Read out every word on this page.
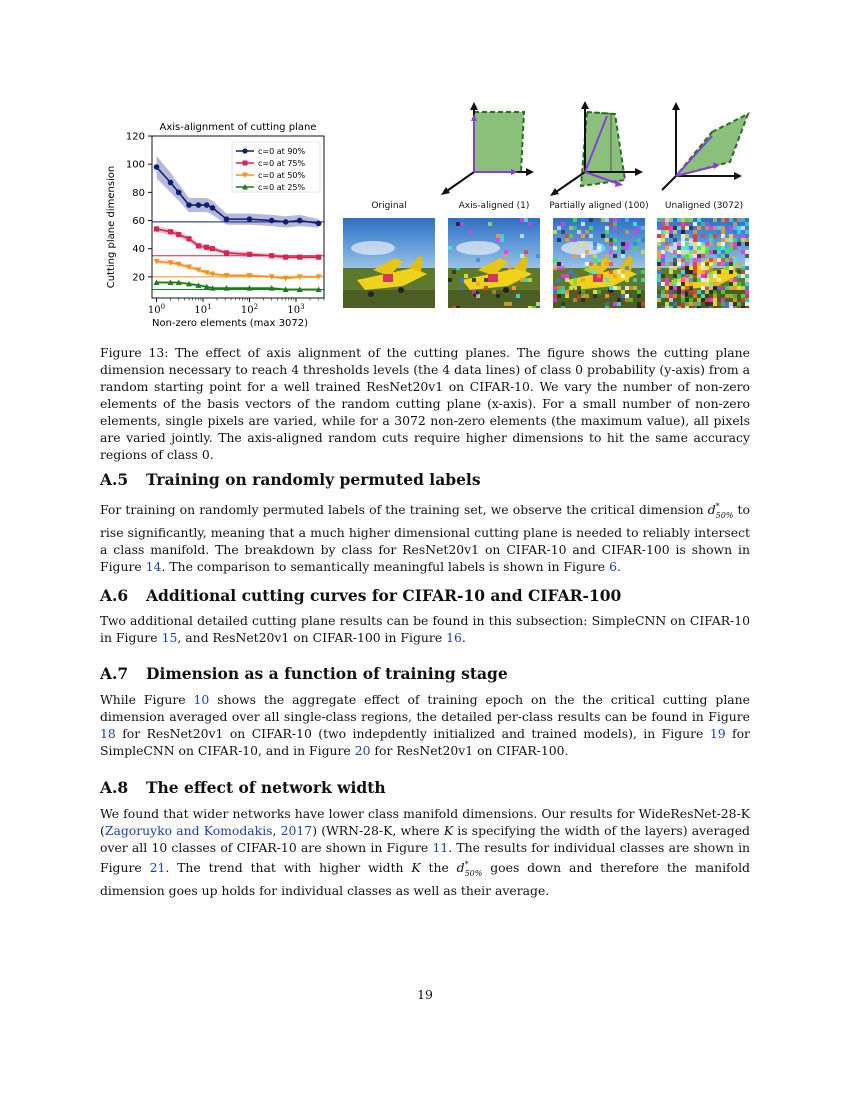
Axis-alignment of cutting plane
20
40
60
80
100
120
$10^0$	$10^1$	$10^2$	$10^3$
Non-zero elements (max 3072)
Cutting plane dimension
c=0 at 90%
c=0 at 75%
c=0 at 50%
c=0 at 25%
Original	Axis-aligned (1)	Partially aligned (100)	Unaligned (3072)
Figure 13: The effect of axis alignment of the cutting planes. The figure shows the cutting plane dimension necessary to reach 4 thresholds levels (the 4 data lines) of class 0 probability (y-axis) from a random starting point for a well trained ResNet20v1 on CIFAR-10. We vary the number of non-zero elements of the basis vectors of the random cutting plane (x-axis). For a small number of non-zero elements, single pixels are varied, while for a 3072 non-zero elements (the maximum value), all pixels are varied jointly. The axis-aligned random cuts require higher dimensions to hit the same accuracy regions of class 0.
A.5 Training on randomly permuted labels
For training on randomly permuted labels of the training set, we observe the critical dimension $d^*_{50\%}$ to rise significantly, meaning that a much higher dimensional cutting plane is needed to reliably intersect a class manifold. The breakdown by class for ResNet20v1 on CIFAR-10 and CIFAR-100 is shown in Figure 14. The comparison to semantically meaningful labels is shown in Figure 6.
A.6 Additional cutting curves for CIFAR-10 and CIFAR-100
Two additional detailed cutting plane results can be found in this subsection: SimpleCNN on CIFAR-10 in Figure 15, and ResNet20v1 on CIFAR-100 in Figure 16.
A.7 Dimension as a function of training stage
While Figure 10 shows the aggregate effect of training epoch on the the critical cutting plane dimension averaged over all single-class regions, the detailed per-class results can be found in Figure 18 for ResNet20v1 on CIFAR-10 (two indepdently initialized and trained models), in Figure 19 for SimpleCNN on CIFAR-10, and in Figure 20 for ResNet20v1 on CIFAR-100.
A.8 The effect of network width
We found that wider networks have lower class manifold dimensions. Our results for WideResNet-28-K (Zagoruyko and Komodakis, 2017) (WRN-28-K, where K is specifying the width of the layers) averaged over all 10 classes of CIFAR-10 are shown in Figure 11. The results for individual classes are shown in Figure 21. The trend that with higher width K the $d^*_{50\%}$ goes down and therefore the manifold dimension goes up holds for individual classes as well as their average.
19
